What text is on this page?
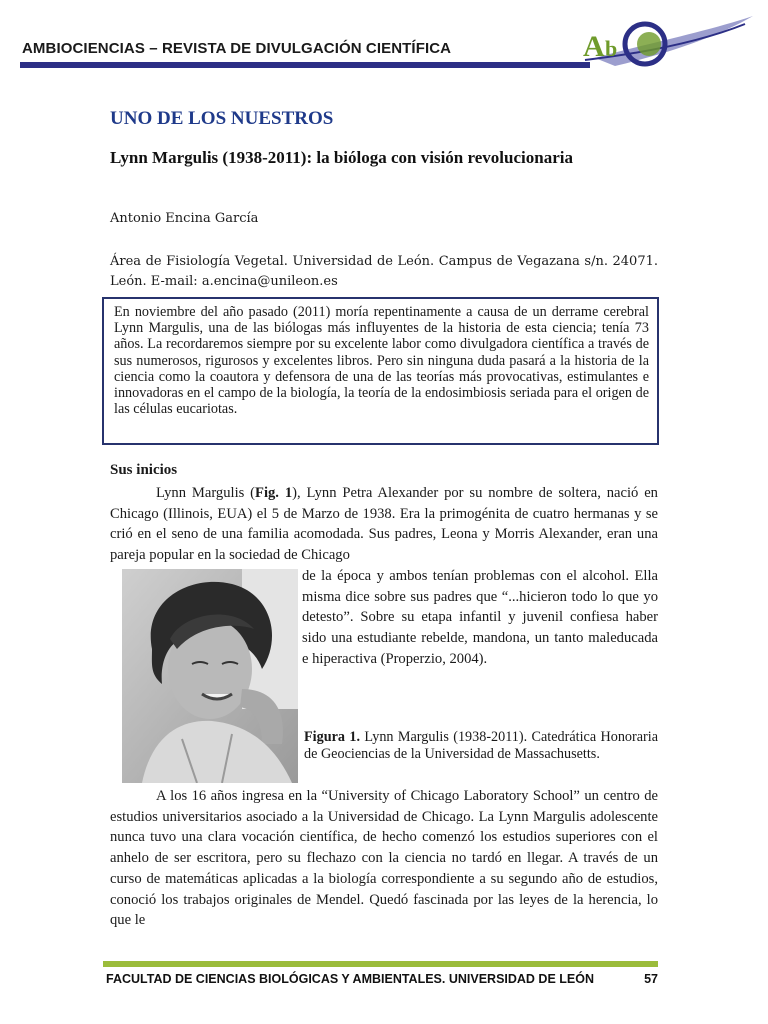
AMBIOCIENCIAS – REVISTA DE DIVULGACIÓN CIENTÍFICA	A b
UNO DE LOS NUESTROS
Lynn Margulis (1938-2011): la bióloga con visión revolucionaria
Antonio Encina García
Área de Fisiología Vegetal. Universidad de León. Campus de Vegazana s/n. 24071. León. E-mail: a.encina@unileon.es

En noviembre del año pasado (2011) moría repentinamente a causa de un derrame cerebral Lynn Margulis, una de las biólogas más influyentes de la historia de esta ciencia; tenía 73 años. La recordaremos siempre por su excelente labor como divulgadora científica a través de sus numerosos, rigurosos y excelentes libros. Pero sin ninguna duda pasará a la historia de la ciencia como la coautora y defensora de una de las teorías más provocativas, estimulantes e innovadoras en el campo de la biología, la teoría de la endosimbiosis seriada para el origen de las células eucariotas.

Sus inicios

Lynn Margulis (Fig. 1), Lynn Petra Alexander por su nombre de soltera, nació en Chicago (Illinois, EUA) el 5 de Marzo de 1938. Era la primogénita de cuatro hermanas y se crió en el seno de una familia acomodada. Sus padres, Leona y Morris Alexander, eran una pareja popular en la sociedad de Chicago

de la época y ambos tenían problemas con el alcohol. Ella misma dice sobre sus padres que “...hicieron todo lo que yo detesto”. Sobre su etapa infantil y juvenil confiesa haber sido una estudiante rebelde, mandona, un tanto maleducada e hiperactiva (Properzio, 2004).

Figura 1. Lynn Margulis (1938-2011). Catedrática Honoraria de Geociencias de la Universidad de Massachusetts.

A los 16 años ingresa en la “University of Chicago Laboratory School” un centro de estudios universitarios asociado a la Universidad de Chicago. La Lynn Margulis adolescente nunca tuvo una clara vocación científica, de hecho comenzó los estudios superiores con el anhelo de ser escritora, pero su flechazo con la ciencia no tardó en llegar. A través de un curso de matemáticas aplicadas a la biología correspondiente a su segundo año de estudios, conoció los trabajos originales de Mendel. Quedó fascinada por las leyes de la herencia, lo que le

FACULTAD DE CIENCIAS BIOLÓGICAS Y AMBIENTALES. UNIVERSIDAD DE LEÓN	57
